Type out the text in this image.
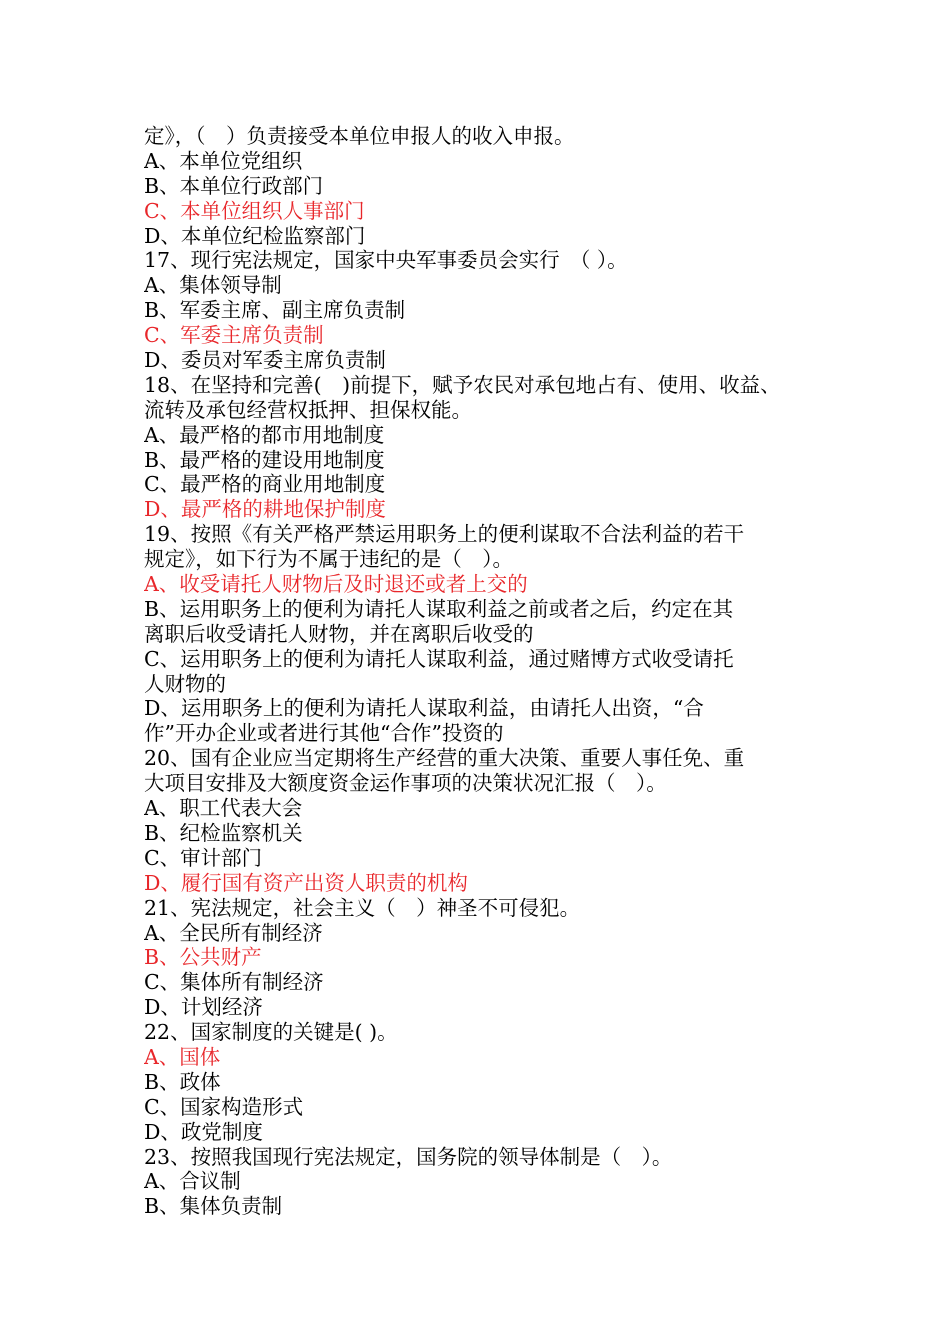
定》，（　）负责接受本单位申报人的收入申报。
A、本单位党组织
B、本单位行政部门
C、本单位组织人事部门
D、本单位纪检监察部门
17、现行宪法规定，国家中央军事委员会实行　（ ）。
A、集体领导制
B、军委主席、副主席负责制
C、军委主席负责制
D、委员对军委主席负责制
18、在坚持和完善(　)前提下，赋予农民对承包地占有、使用、收益、
流转及承包经营权抵押、担保权能。
A、最严格的都市用地制度
B、最严格的建设用地制度
C、最严格的商业用地制度
D、最严格的耕地保护制度
19、按照《有关严格严禁运用职务上的便利谋取不合法利益的若干
规定》，如下行为不属于违纪的是（　）。
A、收受请托人财物后及时退还或者上交的
B、运用职务上的便利为请托人谋取利益之前或者之后，约定在其
离职后收受请托人财物，并在离职后收受的
C、运用职务上的便利为请托人谋取利益，通过赌博方式收受请托
人财物的
D、运用职务上的便利为请托人谋取利益，由请托人出资，“合
作”开办企业或者进行其他“合作”投资的
20、国有企业应当定期将生产经营的重大决策、重要人事任免、重
大项目安排及大额度资金运作事项的决策状况汇报（　）。
A、职工代表大会
B、纪检监察机关
C、审计部门
D、履行国有资产出资人职责的机构
21、宪法规定，社会主义（　）神圣不可侵犯。
A、全民所有制经济
B、公共财产
C、集体所有制经济
D、计划经济
22、国家制度的关键是( )。
A、国体
B、政体
C、国家构造形式
D、政党制度
23、按照我国现行宪法规定，国务院的领导体制是（　）。
A、合议制
B、集体负责制
